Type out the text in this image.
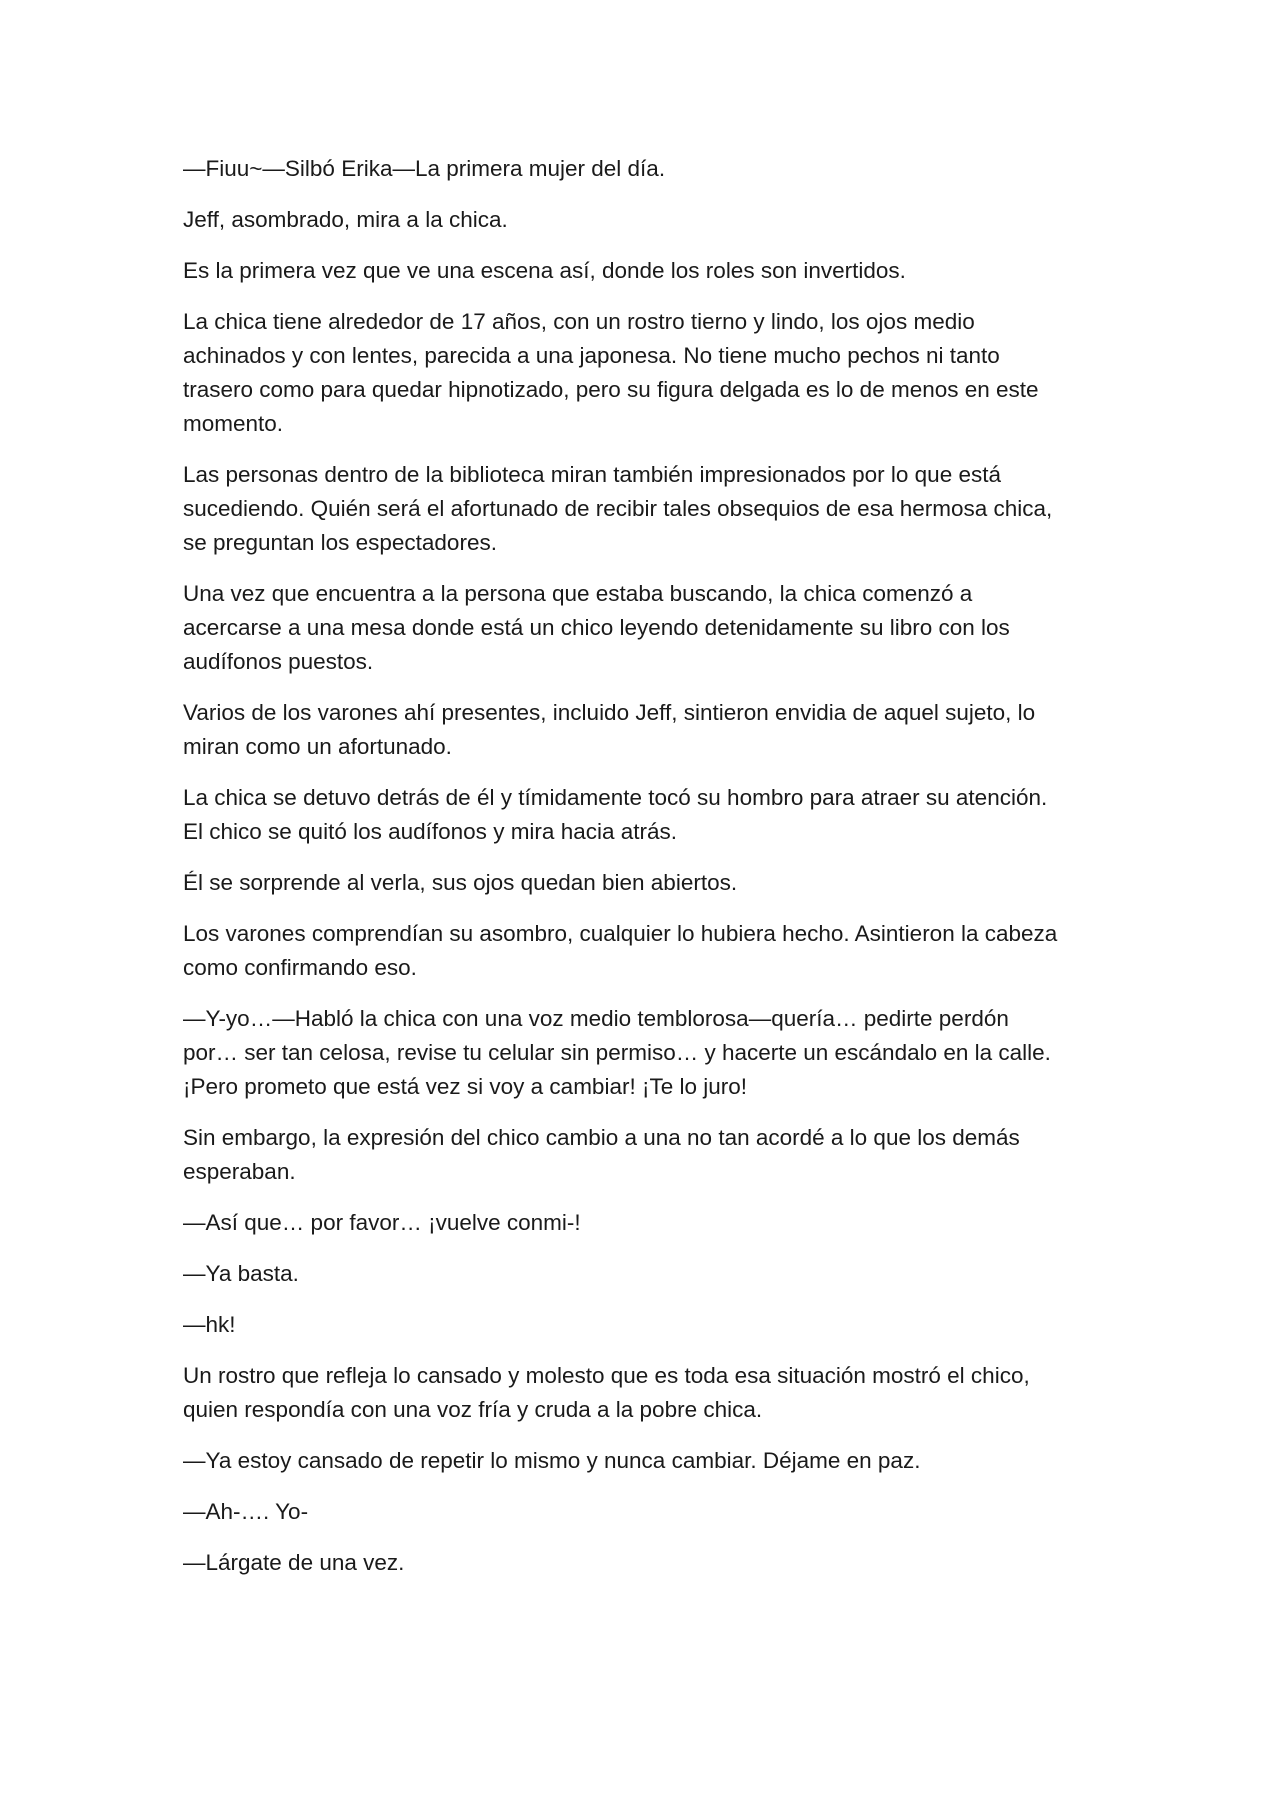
—Fiuu~—Silbó Erika—La primera mujer del día.

Jeff, asombrado, mira a la chica.

Es la primera vez que ve una escena así, donde los roles son invertidos.

La chica tiene alrededor de 17 años, con un rostro tierno y lindo, los ojos medio
achinados y con lentes, parecida a una japonesa. No tiene mucho pechos ni tanto
trasero como para quedar hipnotizado, pero su figura delgada es lo de menos en este
momento.

Las personas dentro de la biblioteca miran también impresionados por lo que está
sucediendo. Quién será el afortunado de recibir tales obsequios de esa hermosa chica,
se preguntan los espectadores.

Una vez que encuentra a la persona que estaba buscando, la chica comenzó a
acercarse a una mesa donde está un chico leyendo detenidamente su libro con los
audífonos puestos.

Varios de los varones ahí presentes, incluido Jeff, sintieron envidia de aquel sujeto, lo
miran como un afortunado.

La chica se detuvo detrás de él y tímidamente tocó su hombro para atraer su atención.
El chico se quitó los audífonos y mira hacia atrás.

Él se sorprende al verla, sus ojos quedan bien abiertos.

Los varones comprendían su asombro, cualquier lo hubiera hecho. Asintieron la cabeza
como confirmando eso.

—Y-yo…—Habló la chica con una voz medio temblorosa—quería… pedirte perdón
por… ser tan celosa, revise tu celular sin permiso… y hacerte un escándalo en la calle.
¡Pero prometo que está vez si voy a cambiar! ¡Te lo juro!

Sin embargo, la expresión del chico cambio a una no tan acordé a lo que los demás
esperaban.

—Así que… por favor… ¡vuelve conmi-!

—Ya basta.

—hk!

Un rostro que refleja lo cansado y molesto que es toda esa situación mostró el chico,
quien respondía con una voz fría y cruda a la pobre chica.

—Ya estoy cansado de repetir lo mismo y nunca cambiar. Déjame en paz.

—Ah-…. Yo-

—Lárgate de una vez.
